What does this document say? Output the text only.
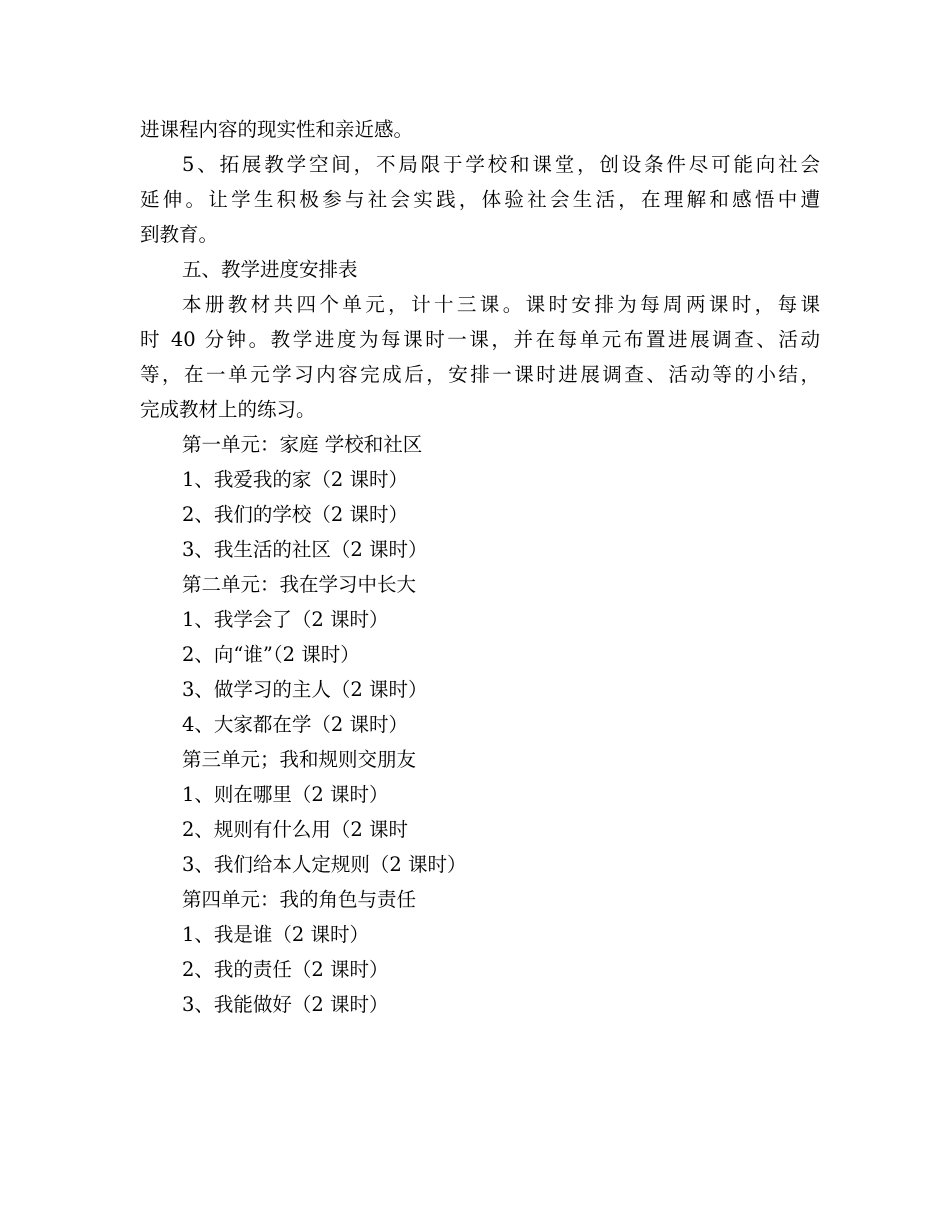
进课程内容的现实性和亲近感。

5、拓展教学空间，不局限于学校和课堂，创设条件尽可能向社会

延伸。让学生积极参与社会实践，体验社会生活，在理解和感悟中遭

到教育。

五、教学进度安排表

本册教材共四个单元，计十三课。课时安排为每周两课时，每课

时 40 分钟。教学进度为每课时一课，并在每单元布置进展调查、活动

等，在一单元学习内容完成后，安排一课时进展调查、活动等的小结，

完成教材上的练习。

第一单元：家庭 学校和社区

1、我爱我的家（2 课时）

2、我们的学校（2 课时）

3、我生活的社区（2 课时）

第二单元：我在学习中长大

1、我学会了（2 课时）

2、向“谁”（2 课时）

3、做学习的主人（2 课时）

4、大家都在学（2 课时）

第三单元；我和规则交朋友

1、则在哪里（2 课时）

2、规则有什么用（2 课时

3、我们给本人定规则（2 课时）

第四单元：我的角色与责任

1、我是谁（2 课时）

2、我的责任（2 课时）

3、我能做好（2 课时）
